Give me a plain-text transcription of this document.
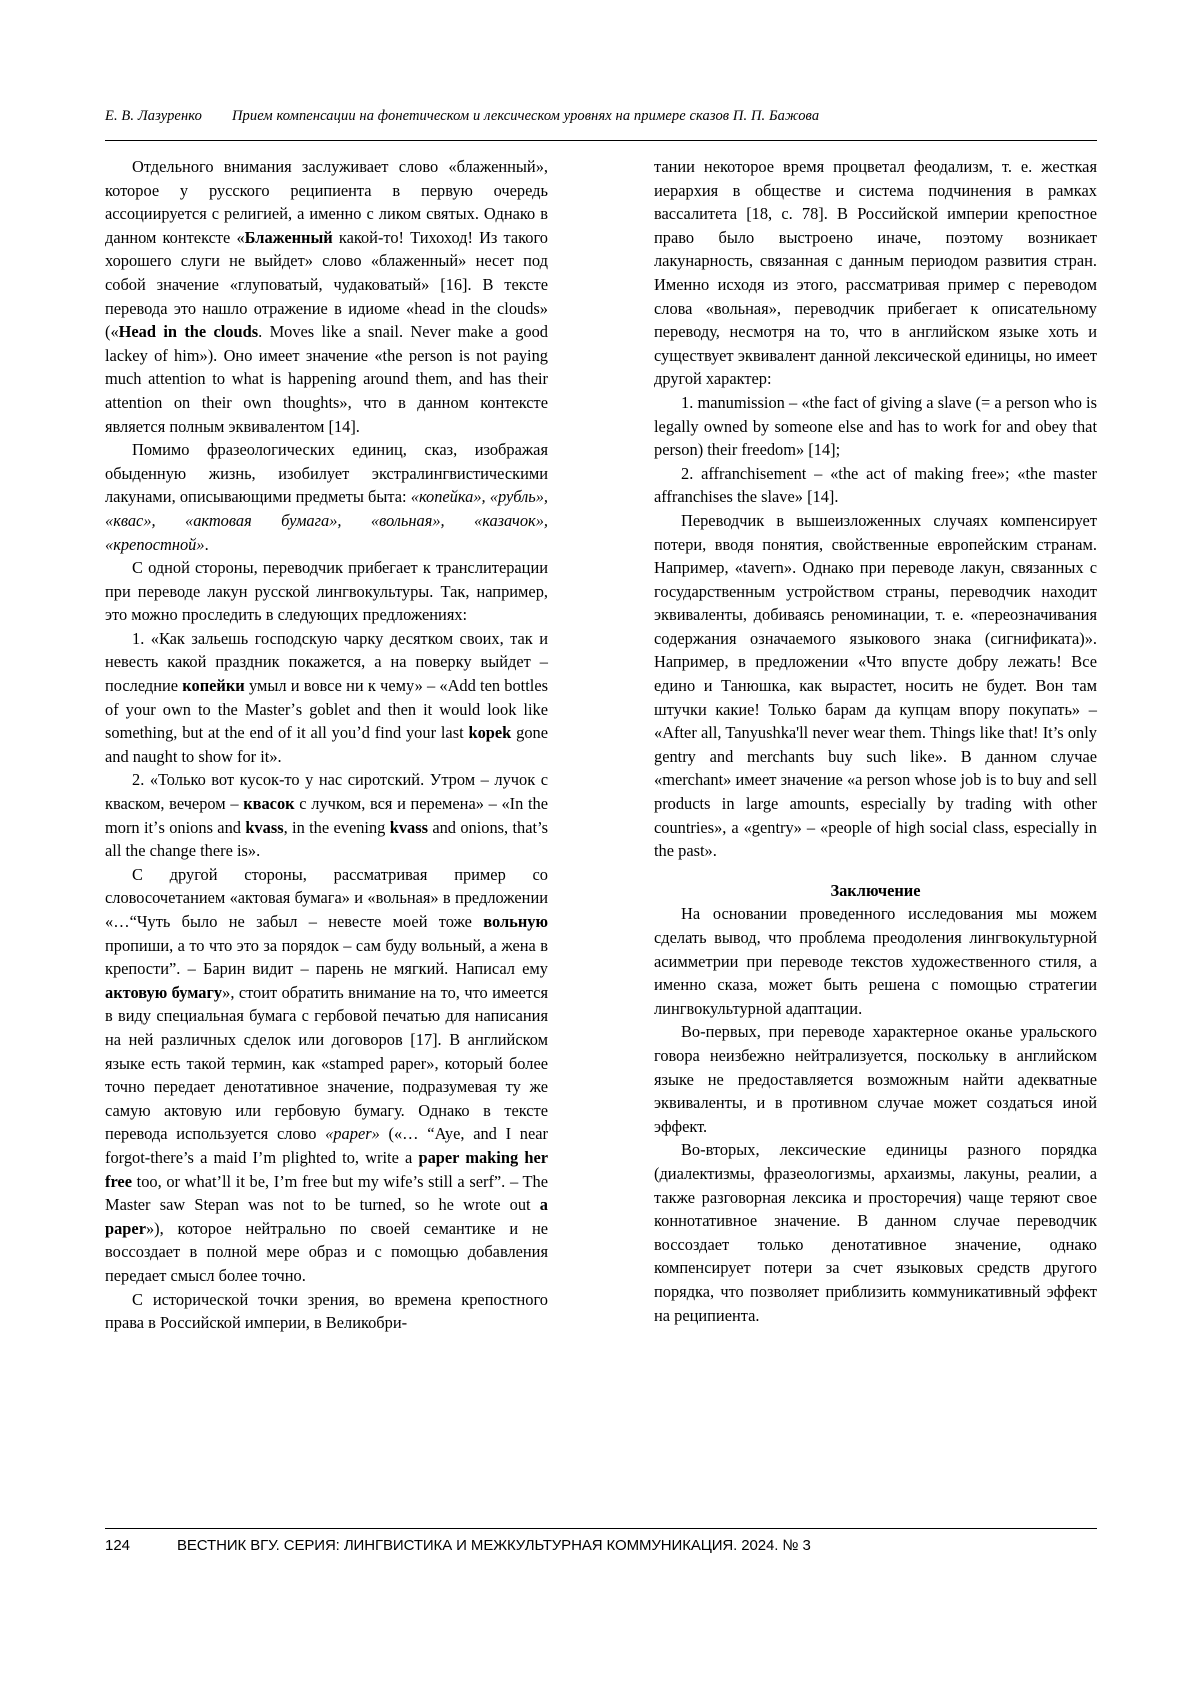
Е. В. Лазуренко Прием компенсации на фонетическом и лексическом уровнях на примере сказов П. П. Бажова

Отдельного внимания заслуживает слово «блаженный», которое у русского реципиента в первую очередь ассоциируется с религией, а именно с ликом святых. Однако в данном контексте «Блаженный какой-то! Тихоход! Из такого хорошего слуги не выйдет» слово «блаженный» несет под собой значение «глуповатый, чудаковатый» [16]. В тексте перевода это нашло отражение в идиоме «head in the clouds» («Head in the clouds. Moves like a snail. Never make a good lackey of him»). Оно имеет значение «the person is not paying much attention to what is happening around them, and has their attention on their own thoughts», что в данном контексте является полным эквивалентом [14].

Помимо фразеологических единиц, сказ, изображая обыденную жизнь, изобилует экстралингвистическими лакунами, описывающими предметы быта: «копейка», «рубль», «квас», «актовая бумага», «вольная», «казачок», «крепостной».

С одной стороны, переводчик прибегает к транслитерации при переводе лакун русской лингвокультуры. Так, например, это можно проследить в следующих предложениях:

1. «Как зальешь господскую чарку десятком своих, так и невесть какой праздник покажется, а на поверку выйдет – последние копейки умыл и вовсе ни к чему» – «Add ten bottles of your own to the Masterʼs goblet and then it would look like something, but at the end of it all youʼd find your last kopek gone and naught to show for it».

2. «Только вот кусок-то у нас сиротский. Утром – лучок с кваском, вечером – квасок с лучком, вся и перемена» – «In the morn itʼs onions and kvass, in the evening kvass and onions, that’s all the change there is».

С другой стороны, рассматривая пример со словосочетанием «актовая бумага» и «вольная» в предложении «…“Чуть было не забыл – невесте моей тоже вольную пропиши, а то что это за порядок – сам буду вольный, а жена в крепости”. – Барин видит – парень не мягкий. Написал ему актовую бумагу», стоит обратить внимание на то, что имеется в виду специальная бумага с гербовой печатью для написания на ней различных сделок или договоров [17]. В английском языке есть такой термин, как «stamped paper», который более точно передает денотативное значение, подразумевая ту же самую актовую или гербовую бумагу. Однако в тексте перевода используется слово «paper» («… “Aye, and I near forgot-there’s a maid I’m plighted to, write a paper making her free too, or what’ll it be, I’m free but my wife’s still a serf”. – The Master saw Stepan was not to be turned, so he wrote out a paper»), которое нейтрально по своей семантике и не воссоздает в полной мере образ и с помощью добавления передает смысл более точно.

С исторической точки зрения, во времена крепостного права в Российской империи, в Великобри-

тании некоторое время процветал феодализм, т. е. жесткая иерархия в обществе и система подчинения в рамках вассалитета [18, с. 78]. В Российской империи крепостное право было выстроено иначе, поэтому возникает лакунарность, связанная с данным периодом развития стран. Именно исходя из этого, рассматривая пример с переводом слова «вольная», переводчик прибегает к описательному переводу, несмотря на то, что в английском языке хоть и существует эквивалент данной лексической единицы, но имеет другой характер:

1. manumission – «the fact of giving a slave (= a person who is legally owned by someone else and has to work for and obey that person) their freedom» [14];

2. affranchisement – «the act of making free»; «the master affranchises the slave» [14].

Переводчик в вышеизложенных случаях компенсирует потери, вводя понятия, свойственные европейским странам. Например, «tavern». Однако при переводе лакун, связанных с государственным устройством страны, переводчик находит эквиваленты, добиваясь реноминации, т. е. «переозначивания содержания означаемого языкового знака (сигнификата)». Например, в предложении «Что впусте добру лежать! Все едино и Танюшка, как вырастет, носить не будет. Вон там штучки какие! Только барам да купцам впору покупать» – «After all, Tanyushka'll never wear them. Things like that! It’s only gentry and merchants buy such like». В данном случае «merchant» имеет значение «a person whose job is to buy and sell products in large amounts, especially by trading with other countries», а «gentry» – «people of high social class, especially in the past».

Заключение

На основании проведенного исследования мы можем сделать вывод, что проблема преодоления лингвокультурной асимметрии при переводе текстов художественного стиля, а именно сказа, может быть решена с помощью стратегии лингвокультурной адаптации.

Во-первых, при переводе характерное оканье уральского говора неизбежно нейтрализуется, поскольку в английском языке не предоставляется возможным найти адекватные эквиваленты, и в противном случае может создаться иной эффект.

Во-вторых, лексические единицы разного порядка (диалектизмы, фразеологизмы, архаизмы, лакуны, реалии, а также разговорная лексика и просторечия) чаще теряют свое коннотативное значение. В данном случае переводчик воссоздает только денотативное значение, однако компенсирует потери за счет языковых средств другого порядка, что позволяет приблизить коммуникативный эффект на реципиента.

124	ВЕСТНИК ВГУ. СЕРИЯ: ЛИНГВИСТИКА И МЕЖКУЛЬТУРНАЯ КОММУНИКАЦИЯ. 2024. № 3
